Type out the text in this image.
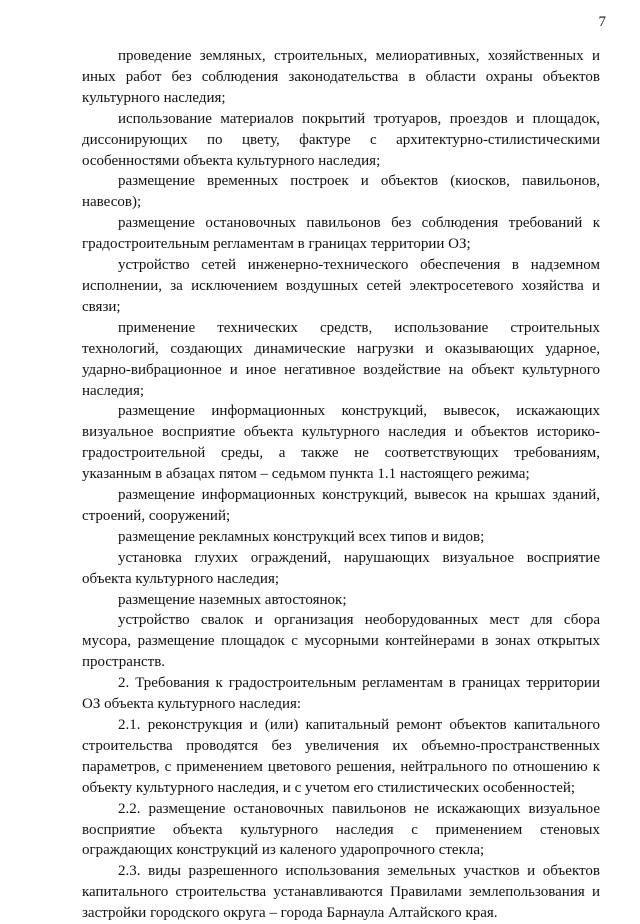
7

проведение земляных, строительных, мелиоративных, хозяйственных и иных работ без соблюдения законодательства в области охраны объектов культурного наследия;

использование материалов покрытий тротуаров, проездов и площадок, диссонирующих по цвету, фактуре с архитектурно-стилистическими особенностями объекта культурного наследия;

размещение временных построек и объектов (киосков, павильонов, навесов);

размещение остановочных павильонов без соблюдения требований к градостроительным регламентам в границах территории ОЗ;

устройство сетей инженерно-технического обеспечения в надземном исполнении, за исключением воздушных сетей электросетевого хозяйства и связи;

применение технических средств, использование строительных технологий, создающих динамические нагрузки и оказывающих ударное, ударно-вибрационное и иное негативное воздействие на объект культурного наследия;

размещение информационных конструкций, вывесок, искажающих визуальное восприятие объекта культурного наследия и объектов историко-градостроительной среды, а также не соответствующих требованиям, указанным в абзацах пятом – седьмом пункта 1.1 настоящего режима;

размещение информационных конструкций, вывесок на крышах зданий, строений, сооружений;

размещение рекламных конструкций всех типов и видов;

установка глухих ограждений, нарушающих визуальное восприятие объекта культурного наследия;

размещение наземных автостоянок;

устройство свалок и организация необорудованных мест для сбора мусора, размещение площадок с мусорными контейнерами в зонах открытых пространств.

2. Требования к градостроительным регламентам в границах территории ОЗ объекта культурного наследия:

2.1. реконструкция и (или) капитальный ремонт объектов капитального строительства проводятся без увеличения их объемно-пространственных параметров, с применением цветового решения, нейтрального по отношению к объекту культурного наследия, и с учетом его стилистических особенностей;

2.2. размещение остановочных павильонов не искажающих визуальное восприятие объекта культурного наследия с применением стеновых ограждающих конструкций из каленого ударопрочного стекла;

2.3. виды разрешенного использования земельных участков и объектов капитального строительства устанавливаются Правилами землепользования и застройки городского округа – города Барнаула Алтайского края.
